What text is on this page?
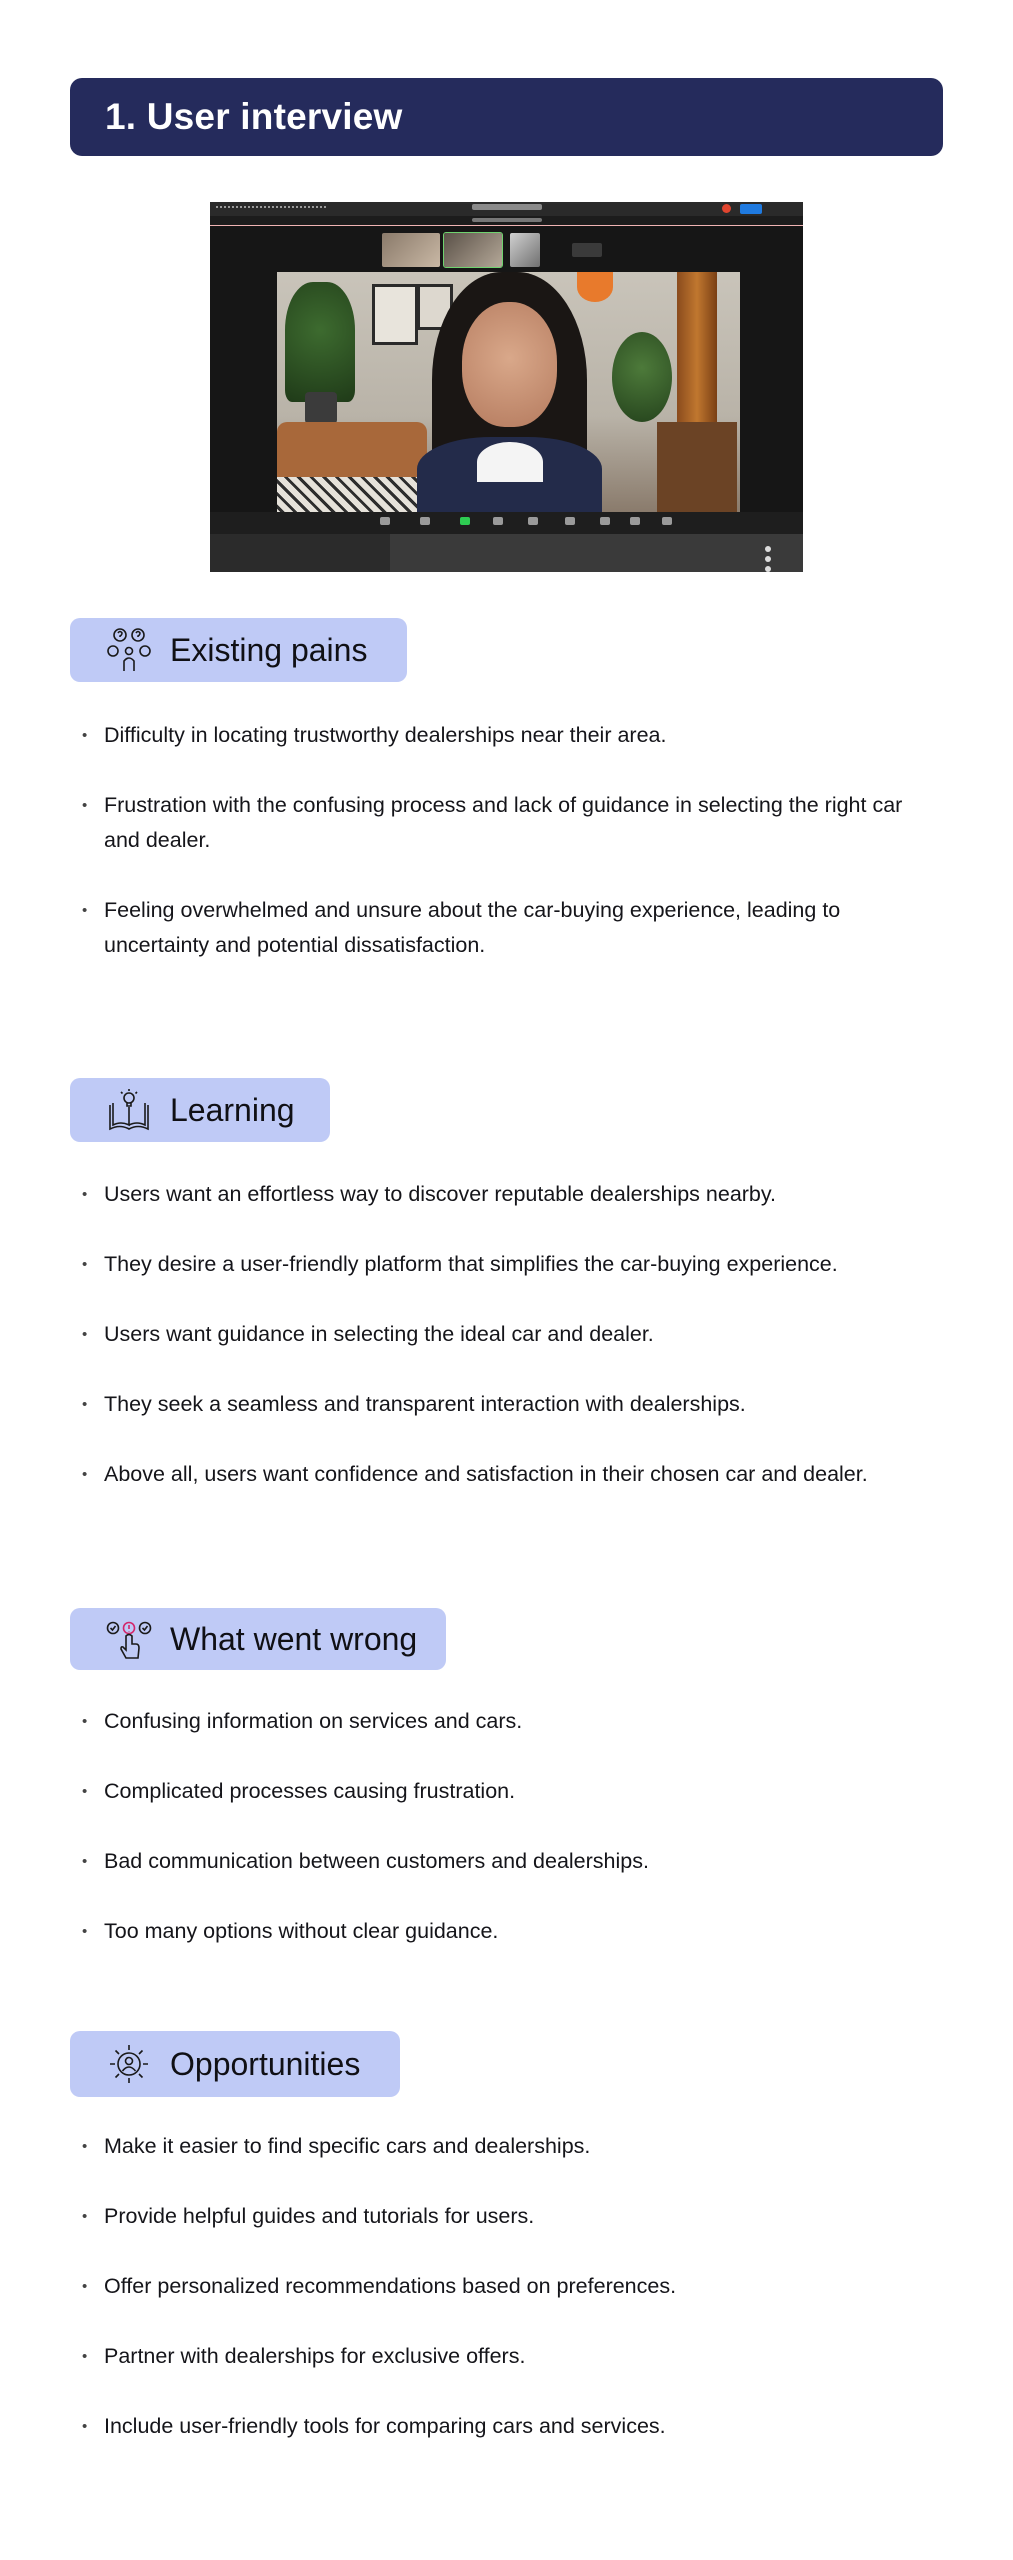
1. User interview
Existing pains
• Difficulty in locating trustworthy dealerships near their area.
• Frustration with the confusing process and lack of guidance in selecting the right car and dealer.
• Feeling overwhelmed and unsure about the car-buying experience, leading to uncertainty and potential dissatisfaction.
Learning
• Users want an effortless way to discover reputable dealerships nearby.
• They desire a user-friendly platform that simplifies the car-buying experience.
• Users want guidance in selecting the ideal car and dealer.
• They seek a seamless and transparent interaction with dealerships.
• Above all, users want confidence and satisfaction in their chosen car and dealer.
What went wrong
• Confusing information on services and cars.
• Complicated processes causing frustration.
• Bad communication between customers and dealerships.
• Too many options without clear guidance.
Opportunities
• Make it easier to find specific cars and dealerships.
• Provide helpful guides and tutorials for users.
• Offer personalized recommendations based on preferences.
• Partner with dealerships for exclusive offers.
• Include user-friendly tools for comparing cars and services.
